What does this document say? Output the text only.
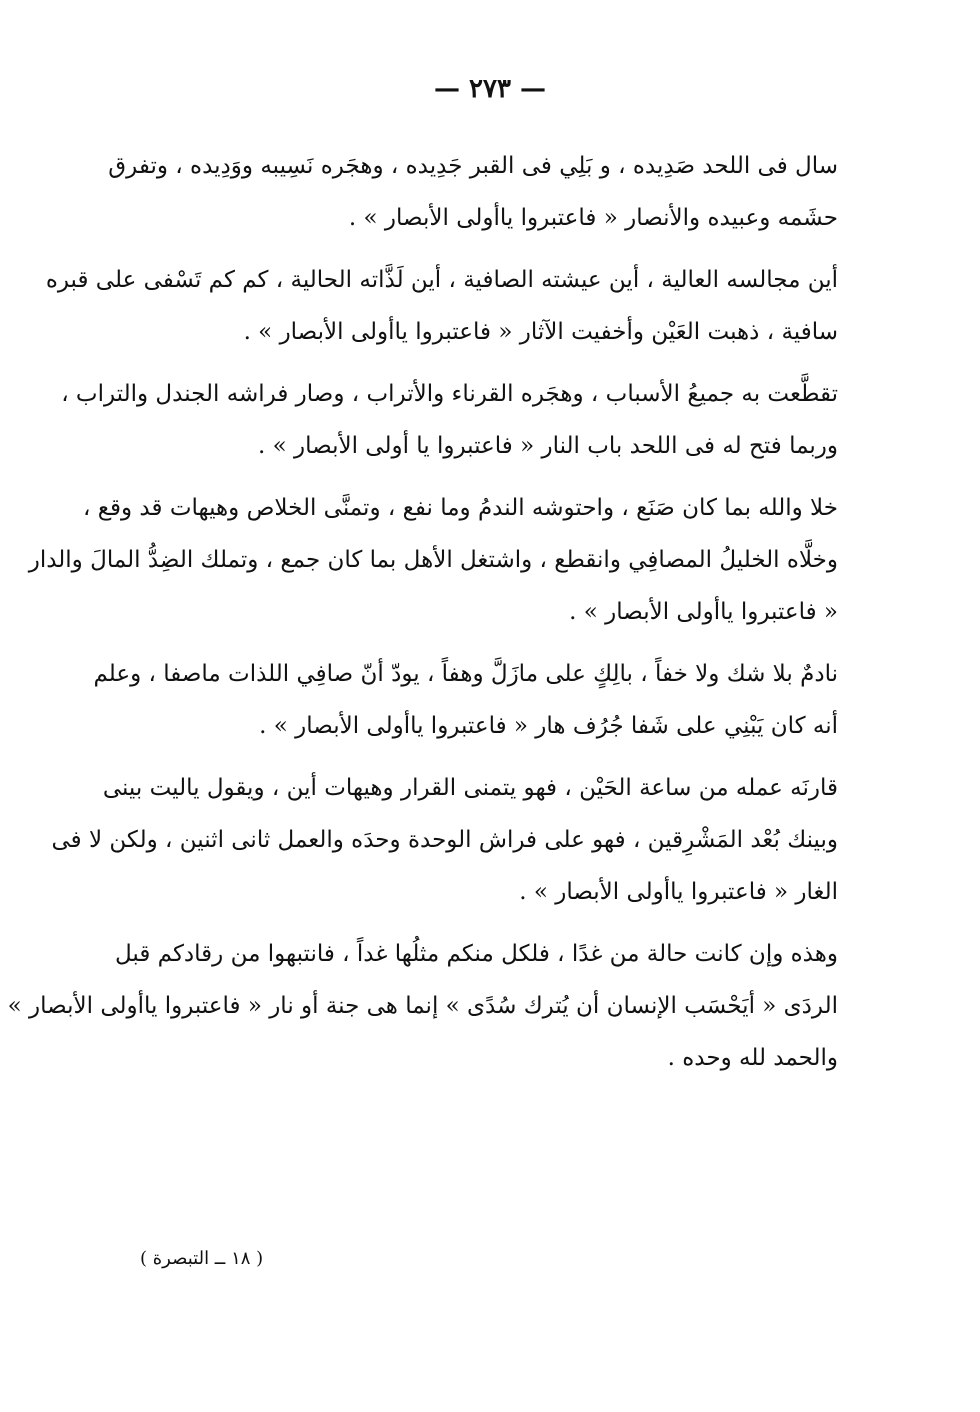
— ٢٧٣ —

سال فى اللحد صَدِيده ، و بَلِي فى القبر جَدِيده ، وهجَره نَسِيبه ووَدِيده ، وتفرق
حشَمه وعبيده والأنصار « فاعتبروا ياأولى الأبصار » .

أين مجالسه العالية ، أين عيشته الصافية ، أين لَذَّاته الحالية ، كم كم تَسْفى على قبره
سافية ، ذهبت العَيْن وأخفيت الآثار « فاعتبروا ياأولى الأبصار » .

تقطَّعت به جميعُ الأسباب ، وهجَره القرناء والأتراب ، وصار فراشه الجندل والتراب ،
وربما فتح له فى اللحد باب النار « فاعتبروا يا أولى الأبصار » .

خلا والله بما كان صَنَع ، واحتوشه الندمُ وما نفع ، وتمنَّى الخلاص وهيهات قد وقع ،
وخلَّاه الخليلُ المصافِي وانقطع ، واشتغل الأهل بما كان جمع ، وتملك الضِدُّ المالَ والدار
« فاعتبروا ياأولى الأبصار » .

نادمٌ بلا شك ولا خفاً ، بالِكٍ على مازَلَّ وهفاً ، يودّ أنّ صافِي اللذات ماصفا ، وعلم
أنه كان يَبْنِي على شَفا جُرُف هار « فاعتبروا ياأولى الأبصار » .

قارنَه عمله من ساعة الحَيْن ، فهو يتمنى القرار وهيهات أين ، ويقول ياليت بينى
وبينك بُعْد المَشْرِقين ، فهو على فراش الوحدة وحدَه والعمل ثانى اثنين ، ولكن لا فى
الغار « فاعتبروا ياأولى الأبصار » .

وهذه وإن كانت حالة من غدًا ، فلكل منكم مثلُها غداً ، فانتبهوا من رقادكم قبل
الردَى « أيَحْسَب الإنسان أن يُترك سُدًى » إنما هى جنة أو نار « فاعتبروا ياأولى الأبصار »
والحمد لله وحده .

( ١٨ ــ التبصرة )
